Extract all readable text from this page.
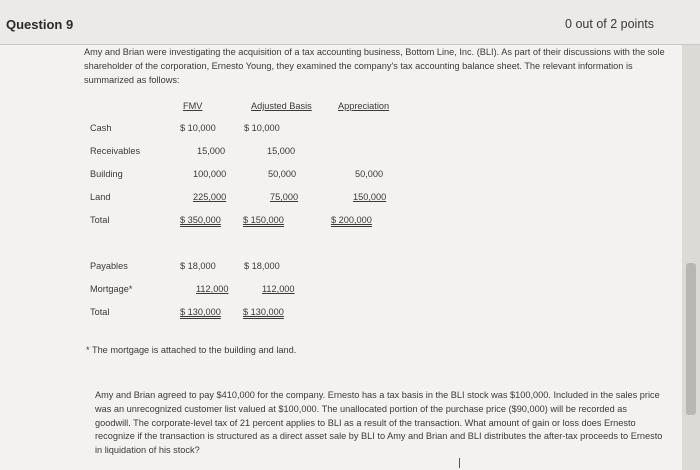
Question 9	0 out of 2 points
Amy and Brian were investigating the acquisition of a tax accounting business, Bottom Line, Inc. (BLI). As part of their discussions with the sole shareholder of the corporation, Ernesto Young, they examined the company's tax accounting balance sheet. The relevant information is summarized as follows:
FMV	Adjusted Basis	Appreciation
Cash	$ 10,000	$ 10,000
Receivables	15,000	15,000
Building	100,000	50,000	50,000
Land	225,000	75,000	150,000
Total	$ 350,000 $ 150,000	$ 200,000
Payables	$ 18,000	$ 18,000
Mortgage*	112,000	112,000
Total	$ 130,000 $ 130,000
* The mortgage is attached to the building and land.
Amy and Brian agreed to pay $410,000 for the company. Ernesto has a tax basis in the BLI stock was $100,000. Included in the sales price was an unrecognized customer list valued at $100,000. The unallocated portion of the purchase price ($90,000) will be recorded as goodwill. The corporate-level tax of 21 percent applies to BLI as a result of the transaction. What amount of gain or loss does Ernesto recognize if the transaction is structured as a direct asset sale by BLI to Amy and Brian and BLI distributes the after-tax proceeds to Ernesto in liquidation of his stock?
